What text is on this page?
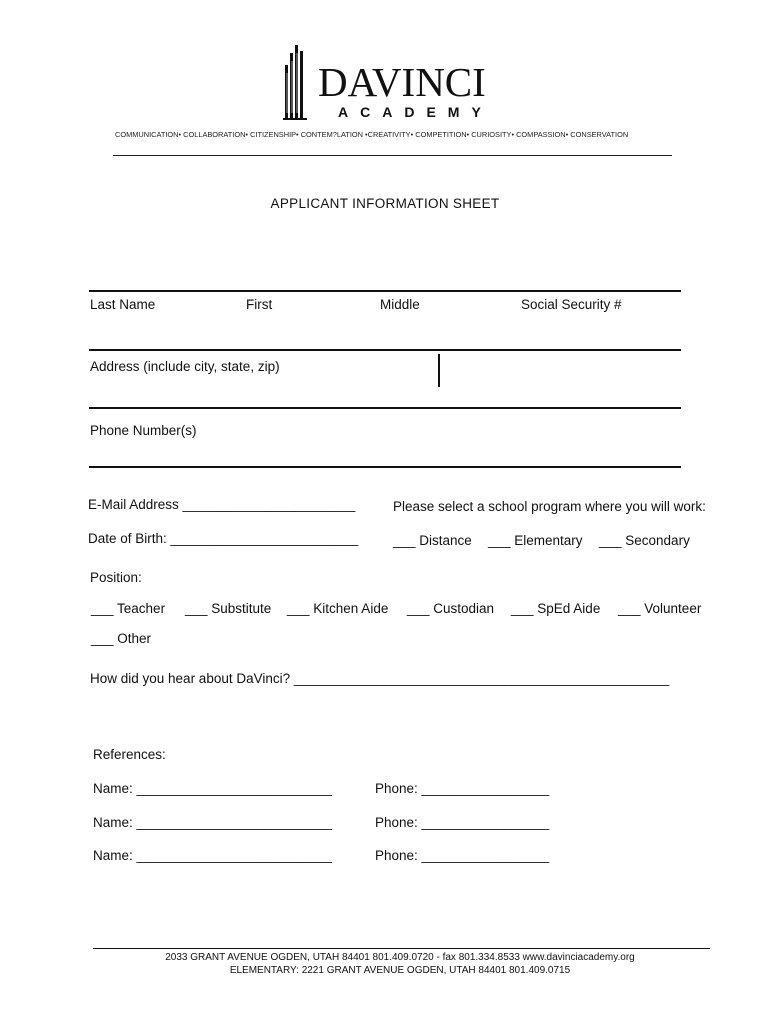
DAVINCI
ACADEMY
COMMUNICATION• COLLABORATION• CITIZENSHIP• CONTEM?LATION •CREATIVITY• COMPETITION• CURIOSITY• COMPASSION• CONSERVATION
APPLICANT INFORMATION SHEET
Last Name	First	Middle	Social Security #
Address (include city, state, zip)
Phone Number(s)
E-Mail Address _______________________	Please select a school program where you will work:
Date of Birth: _________________________	___ Distance ___ Elementary ___ Secondary
Position:
___ Teacher ___ Substitute ___ Kitchen Aide ___ Custodian ___ SpEd Aide ___ Volunteer
___ Other
How did you hear about DaVinci? __________________________________________________
References:
Name: __________________________	Phone: _________________
Name: __________________________	Phone: _________________
Name: __________________________	Phone: _________________
2033 GRANT AVENUE OGDEN, UTAH 84401 801.409.0720 - fax 801.334.8533 www.davinciacademy.org
ELEMENTARY: 2221 GRANT AVENUE OGDEN, UTAH 84401 801.409.0715
